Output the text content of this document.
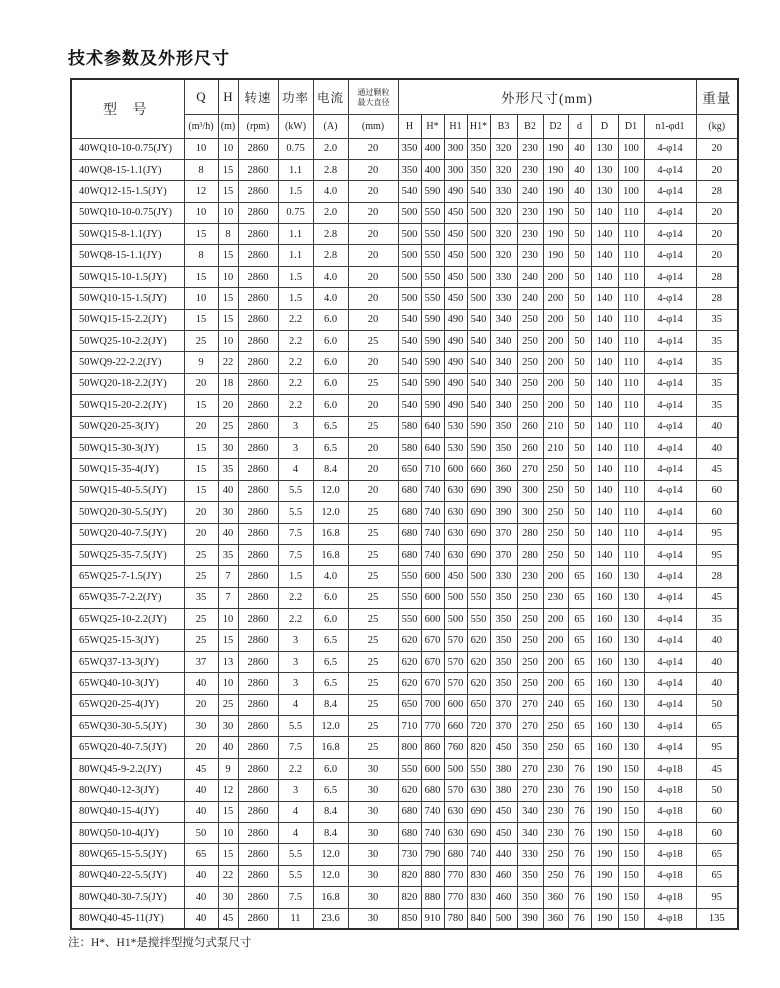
技术参数及外形尺寸
型 号	Q	H	转速	功率	电流	通过颗粒
最大直径	外形尺寸(mm)											重量
	(m³/h)	(m)	(rpm)	(kW)	(A)	(mm)	H	H*	H1	H1*	B3	B2	D2	d	D	D1	n1-φd1	(kg)
40WQ10-10-0.75(JY)	10	10	2860	0.75	2.0	20	350	400	300	350	320	230	190	40	130	100	4-φ14	20
40WQ8-15-1.1(JY)	8	15	2860	1.1	2.8	20	350	400	300	350	320	230	190	40	130	100	4-φ14	20
40WQ12-15-1.5(JY)	12	15	2860	1.5	4.0	20	540	590	490	540	330	240	190	40	130	100	4-φ14	28
50WQ10-10-0.75(JY)	10	10	2860	0.75	2.0	20	500	550	450	500	320	230	190	50	140	110	4-φ14	20
50WQ15-8-1.1(JY)	15	8	2860	1.1	2.8	20	500	550	450	500	320	230	190	50	140	110	4-φ14	20
50WQ8-15-1.1(JY)	8	15	2860	1.1	2.8	20	500	550	450	500	320	230	190	50	140	110	4-φ14	20
50WQ15-10-1.5(JY)	15	10	2860	1.5	4.0	20	500	550	450	500	330	240	200	50	140	110	4-φ14	28
50WQ10-15-1.5(JY)	10	15	2860	1.5	4.0	20	500	550	450	500	330	240	200	50	140	110	4-φ14	28
50WQ15-15-2.2(JY)	15	15	2860	2.2	6.0	20	540	590	490	540	340	250	200	50	140	110	4-φ14	35
50WQ25-10-2.2(JY)	25	10	2860	2.2	6.0	25	540	590	490	540	340	250	200	50	140	110	4-φ14	35
50WQ9-22-2.2(JY)	9	22	2860	2.2	6.0	20	540	590	490	540	340	250	200	50	140	110	4-φ14	35
50WQ20-18-2.2(JY)	20	18	2860	2.2	6.0	25	540	590	490	540	340	250	200	50	140	110	4-φ14	35
50WQ15-20-2.2(JY)	15	20	2860	2.2	6.0	20	540	590	490	540	340	250	200	50	140	110	4-φ14	35
50WQ20-25-3(JY)	20	25	2860	3	6.5	25	580	640	530	590	350	260	210	50	140	110	4-φ14	40
50WQ15-30-3(JY)	15	30	2860	3	6.5	20	580	640	530	590	350	260	210	50	140	110	4-φ14	40
50WQ15-35-4(JY)	15	35	2860	4	8.4	20	650	710	600	660	360	270	250	50	140	110	4-φ14	45
50WQ15-40-5.5(JY)	15	40	2860	5.5	12.0	20	680	740	630	690	390	300	250	50	140	110	4-φ14	60
50WQ20-30-5.5(JY)	20	30	2860	5.5	12.0	25	680	740	630	690	390	300	250	50	140	110	4-φ14	60
50WQ20-40-7.5(JY)	20	40	2860	7.5	16.8	25	680	740	630	690	370	280	250	50	140	110	4-φ14	95
50WQ25-35-7.5(JY)	25	35	2860	7.5	16.8	25	680	740	630	690	370	280	250	50	140	110	4-φ14	95
65WQ25-7-1.5(JY)	25	7	2860	1.5	4.0	25	550	600	450	500	330	230	200	65	160	130	4-φ14	28
65WQ35-7-2.2(JY)	35	7	2860	2.2	6.0	25	550	600	500	550	350	250	230	65	160	130	4-φ14	45
65WQ25-10-2.2(JY)	25	10	2860	2.2	6.0	25	550	600	500	550	350	250	200	65	160	130	4-φ14	35
65WQ25-15-3(JY)	25	15	2860	3	6.5	25	620	670	570	620	350	250	200	65	160	130	4-φ14	40
65WQ37-13-3(JY)	37	13	2860	3	6.5	25	620	670	570	620	350	250	200	65	160	130	4-φ14	40
65WQ40-10-3(JY)	40	10	2860	3	6.5	25	620	670	570	620	350	250	200	65	160	130	4-φ14	40
65WQ20-25-4(JY)	20	25	2860	4	8.4	25	650	700	600	650	370	270	240	65	160	130	4-φ14	50
65WQ30-30-5.5(JY)	30	30	2860	5.5	12.0	25	710	770	660	720	370	270	250	65	160	130	4-φ14	65
65WQ20-40-7.5(JY)	20	40	2860	7.5	16.8	25	800	860	760	820	450	350	250	65	160	130	4-φ14	95
80WQ45-9-2.2(JY)	45	9	2860	2.2	6.0	30	550	600	500	550	380	270	230	76	190	150	4-φ18	45
80WQ40-12-3(JY)	40	12	2860	3	6.5	30	620	680	570	630	380	270	230	76	190	150	4-φ18	50
80WQ40-15-4(JY)	40	15	2860	4	8.4	30	680	740	630	690	450	340	230	76	190	150	4-φ18	60
80WQ50-10-4(JY)	50	10	2860	4	8.4	30	680	740	630	690	450	340	230	76	190	150	4-φ18	60
80WQ65-15-5.5(JY)	65	15	2860	5.5	12.0	30	730	790	680	740	440	330	250	76	190	150	4-φ18	65
80WQ40-22-5.5(JY)	40	22	2860	5.5	12.0	30	820	880	770	830	460	350	250	76	190	150	4-φ18	65
80WQ40-30-7.5(JY)	40	30	2860	7.5	16.8	30	820	880	770	830	460	350	360	76	190	150	4-φ18	95
80WQ40-45-11(JY)	40	45	2860	11	23.6	30	850	910	780	840	500	390	360	76	190	150	4-φ18	135
注：H*、H1*是搅拌型搅匀式泵尺寸
